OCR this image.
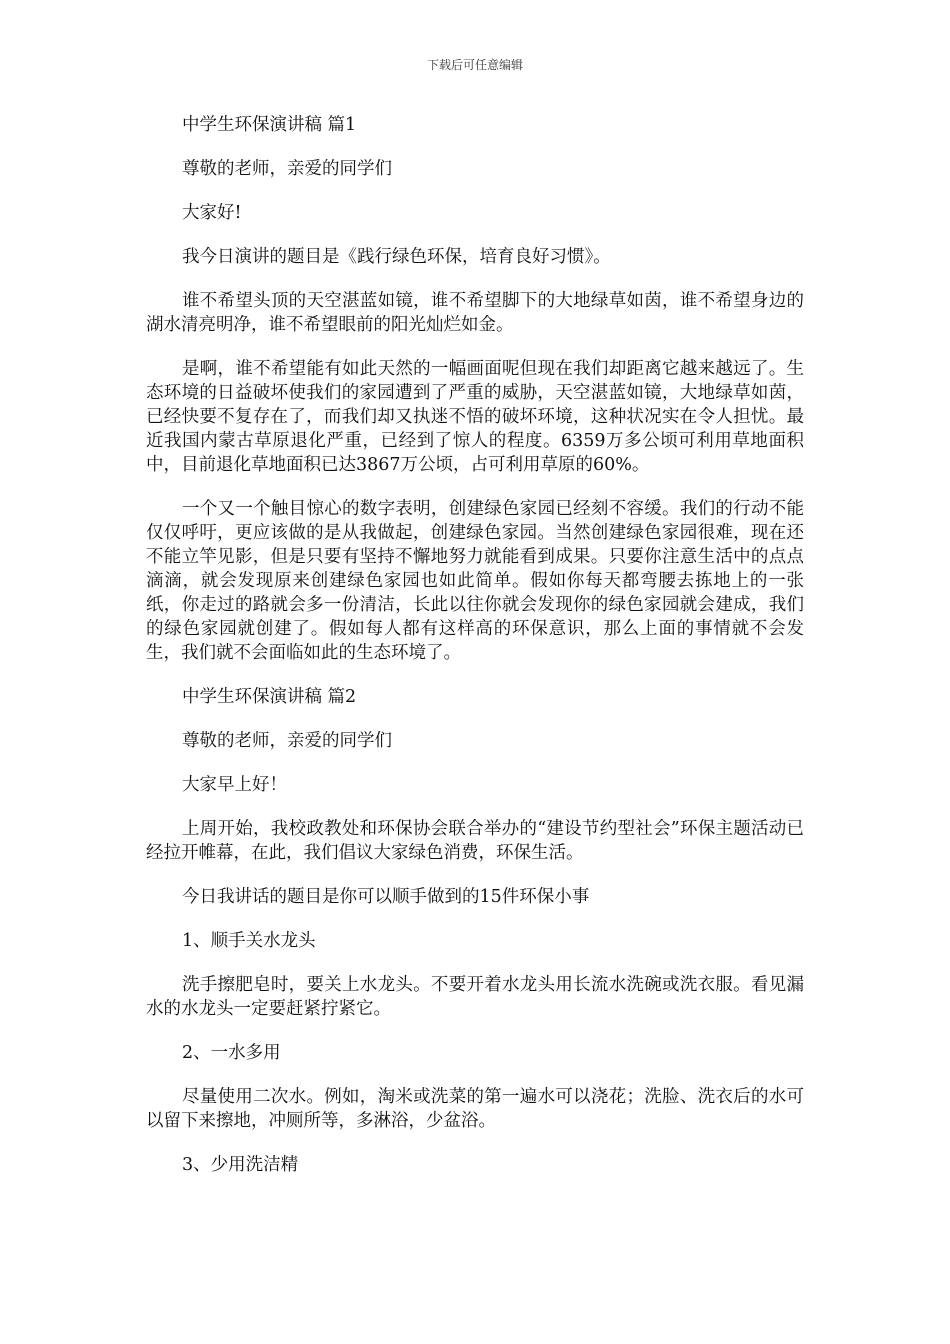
下载后可任意编辑

中学生环保演讲稿 篇1

尊敬的老师，亲爱的同学们

大家好!

我今日演讲的题目是《践行绿色环保，培育良好习惯》。

谁不希望头顶的天空湛蓝如镜，谁不希望脚下的大地绿草如茵，谁不希望身边的湖水清亮明净，谁不希望眼前的阳光灿烂如金。

是啊，谁不希望能有如此天然的一幅画面呢但现在我们却距离它越来越远了。生态环境的日益破坏使我们的家园遭到了严重的威胁，天空湛蓝如镜，大地绿草如茵，已经快要不复存在了，而我们却又执迷不悟的破坏环境，这种状况实在令人担忧。最近我国内蒙古草原退化严重，已经到了惊人的程度。6359万多公顷可利用草地面积中，目前退化草地面积已达3867万公顷，占可利用草原的60%。

一个又一个触目惊心的数字表明，创建绿色家园已经刻不容缓。我们的行动不能仅仅呼吁，更应该做的是从我做起，创建绿色家园。当然创建绿色家园很难，现在还不能立竿见影，但是只要有坚持不懈地努力就能看到成果。只要你注意生活中的点点滴滴，就会发现原来创建绿色家园也如此简单。假如你每天都弯腰去拣地上的一张纸，你走过的路就会多一份清洁，长此以往你就会发现你的绿色家园就会建成，我们的绿色家园就创建了。假如每人都有这样高的环保意识，那么上面的事情就不会发生，我们就不会面临如此的生态环境了。

中学生环保演讲稿 篇2

尊敬的老师，亲爱的同学们

大家早上好！

上周开始，我校政教处和环保协会联合举办的“建设节约型社会”环保主题活动已经拉开帷幕，在此，我们倡议大家绿色消费，环保生活。

今日我讲话的题目是你可以顺手做到的15件环保小事

1、顺手关水龙头

洗手擦肥皂时，要关上水龙头。不要开着水龙头用长流水洗碗或洗衣服。看见漏水的水龙头一定要赶紧拧紧它。

2、一水多用

尽量使用二次水。例如，淘米或洗菜的第一遍水可以浇花；洗脸、洗衣后的水可以留下来擦地，冲厕所等，多淋浴，少盆浴。

3、少用洗洁精
